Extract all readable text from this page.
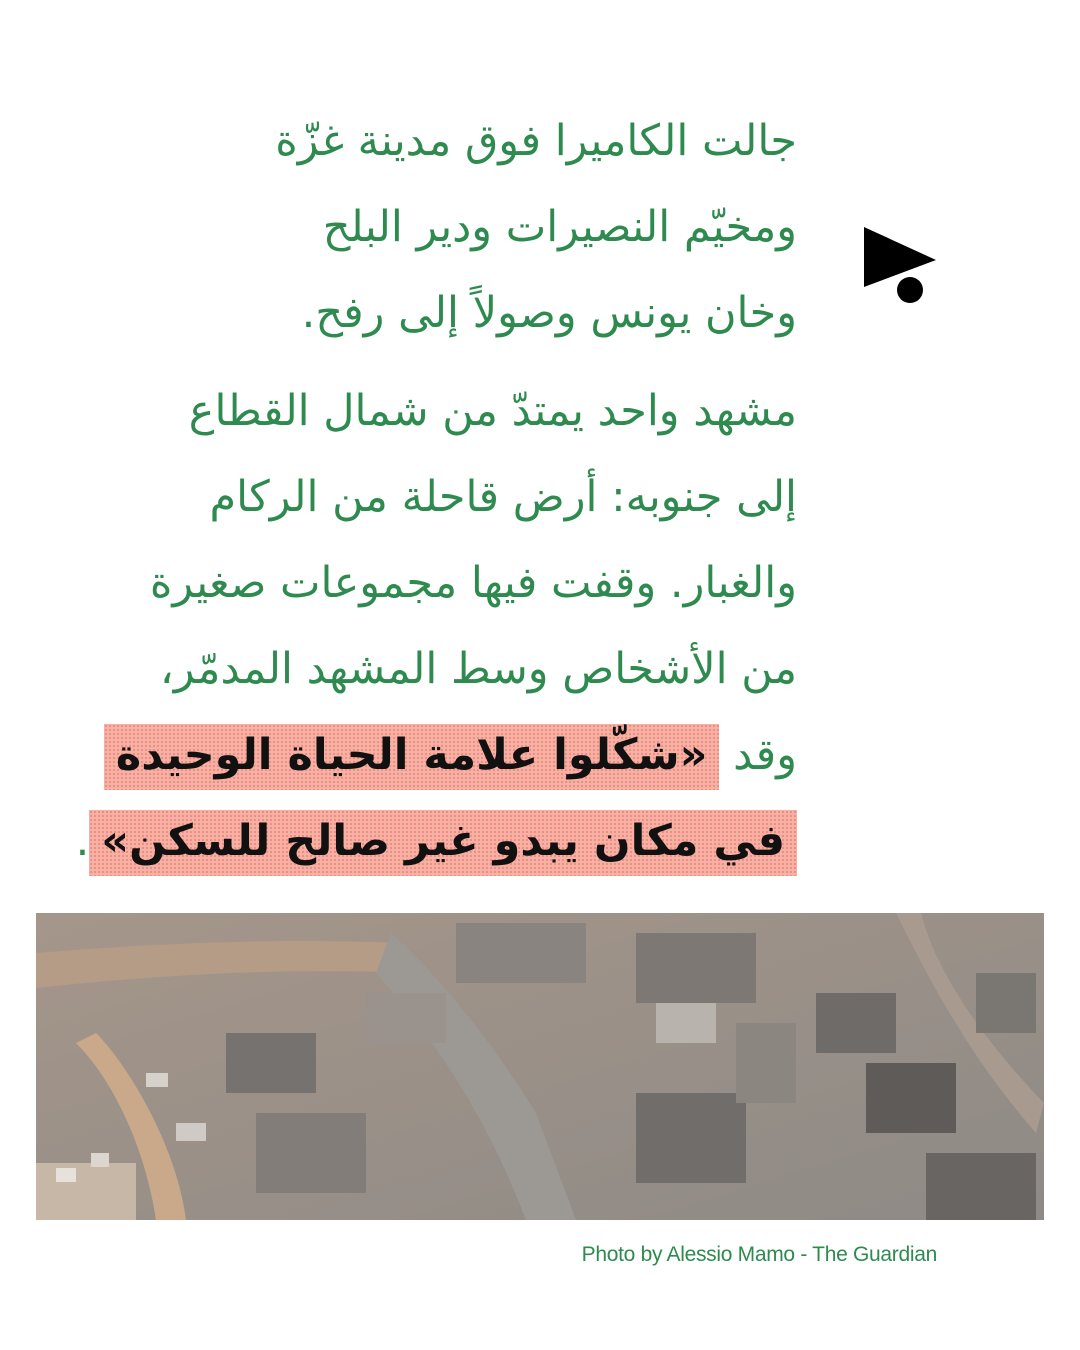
جالت الكاميرا فوق مدينة غزّة
ومخيّم النصيرات ودير البلح
وخان يونس وصولاً إلى رفح.
مشهد واحد يمتدّ من شمال القطاع
إلى جنوبه: أرض قاحلة من الركام
والغبار. وقفت فيها مجموعات صغيرة
من الأشخاص وسط المشهد المدمّر،
وقد «شكّلوا علامة الحياة الوحيدة
في مكان يبدو غير صالح للسكن».
Photo by Alessio Mamo - The Guardian
